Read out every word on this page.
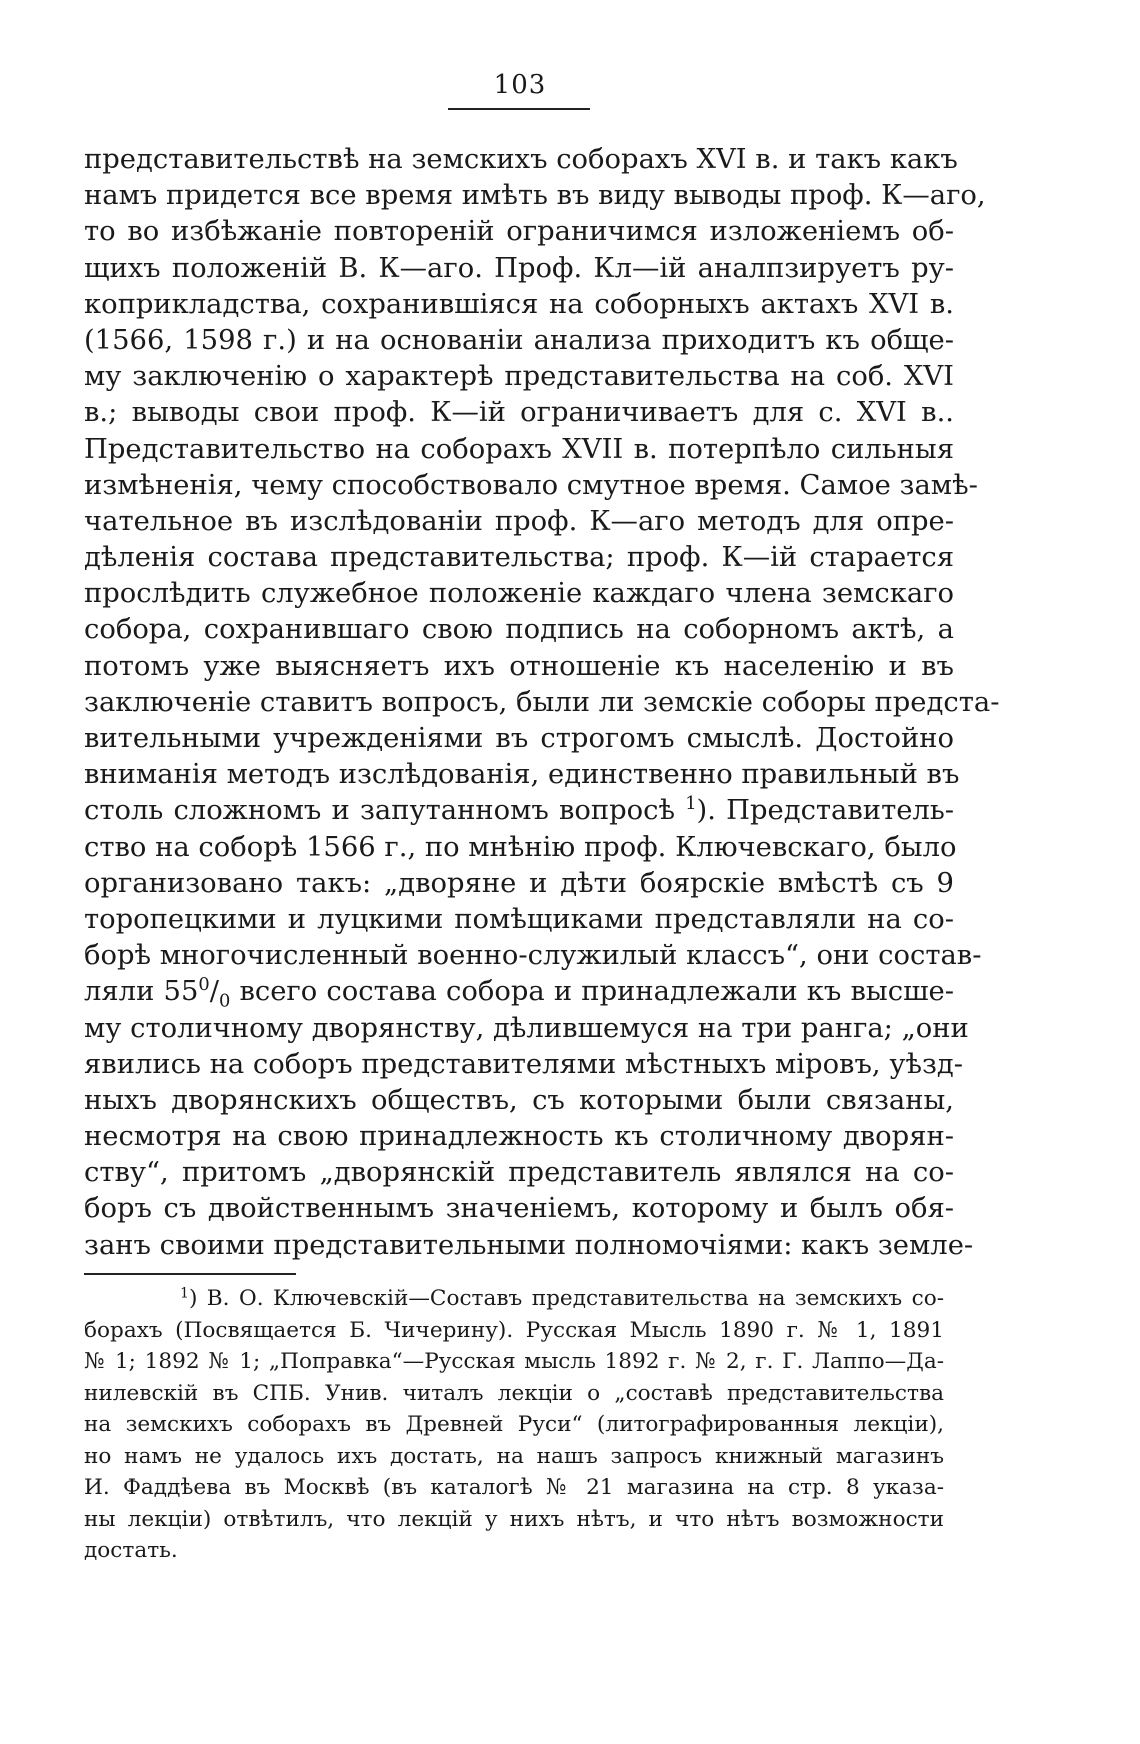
103
представительствѣ на земскихъ соборахъ XVI в. и такъ какъ
намъ придется все время имѣть въ виду выводы проф. К—аго,
то во избѣжаніе повтореній ограничимся изложеніемъ об-
щихъ положеній В. К—аго. Проф. Кл—ій аналпзируетъ ру-
коприкладства, сохранившіяся на соборныхъ актахъ XVI в.
(1566, 1598 г.) и на основаніи анализа приходитъ къ обще-
му заключенію о характерѣ представительства на соб. XVI
в.; выводы свои проф. К—ій ограничиваетъ для с. XVI в..
Представительство на соборахъ XVII в. потерпѣло сильныя
измѣненія, чему способствовало смутное время. Самое замѣ-
чательное въ изслѣдованіи проф. К—аго методъ для опре-
дѣленія состава представительства; проф. К—ій старается
прослѣдить служебное положеніе каждаго члена земскаго
собора, сохранившаго свою подпись на соборномъ актѣ, а
потомъ уже выясняетъ ихъ отношеніе къ населенію и въ
заключеніе ставитъ вопросъ, были ли земскіе соборы предста-
вительными учрежденіями въ строгомъ смыслѣ. Достойно
вниманія методъ изслѣдованія, единственно правильный въ
столь сложномъ и запутанномъ вопросѣ $^1$). Представитель-
ство на соборѣ 1566 г., по мнѣнію проф. Ключевскаго, было
организовано такъ: „дворяне и дѣти боярскіе вмѣстѣ съ 9
торопецкими и луцкими помѣщиками представляли на со-
борѣ многочисленный военно-служилый классъ“, они состав-
ляли $55^0/_0$ всего состава собора и принадлежали къ высше-
му столичному дворянству, дѣлившемуся на три ранга; „они
явились на соборъ представителями мѣстныхъ міровъ, уѣзд-
ныхъ дворянскихъ обществъ, съ которыми были связаны,
несмотря на свою принадлежность къ столичному дворян-
ству“, притомъ „дворянскій представитель являлся на со-
боръ съ двойственнымъ значеніемъ, которому и былъ обя-
занъ своими представительными полномочіями: какъ земле-
$^1$) В. О. Ключевскій—Составъ представительства на земскихъ со-
борахъ (Посвящается Б. Чичерину). Русская Мысль 1890 г. № 1, 1891
№ 1; 1892 № 1; „Поправка“—Русская мысль 1892 г. № 2, г. Г. Лаппо—Да-
нилевскій въ СПБ. Унив. читалъ лекціи о „составѣ представительства
на земскихъ соборахъ въ Древней Руси“ (литографированныя лекціи),
но намъ не удалось ихъ достать, на нашъ запросъ книжный магазинъ
И. Фаддѣева въ Москвѣ (въ каталогѣ № 21 магазина на стр. 8 указа-
ны лекціи) отвѣтилъ, что лекцій у нихъ нѣтъ, и что нѣтъ возможности
достать.
